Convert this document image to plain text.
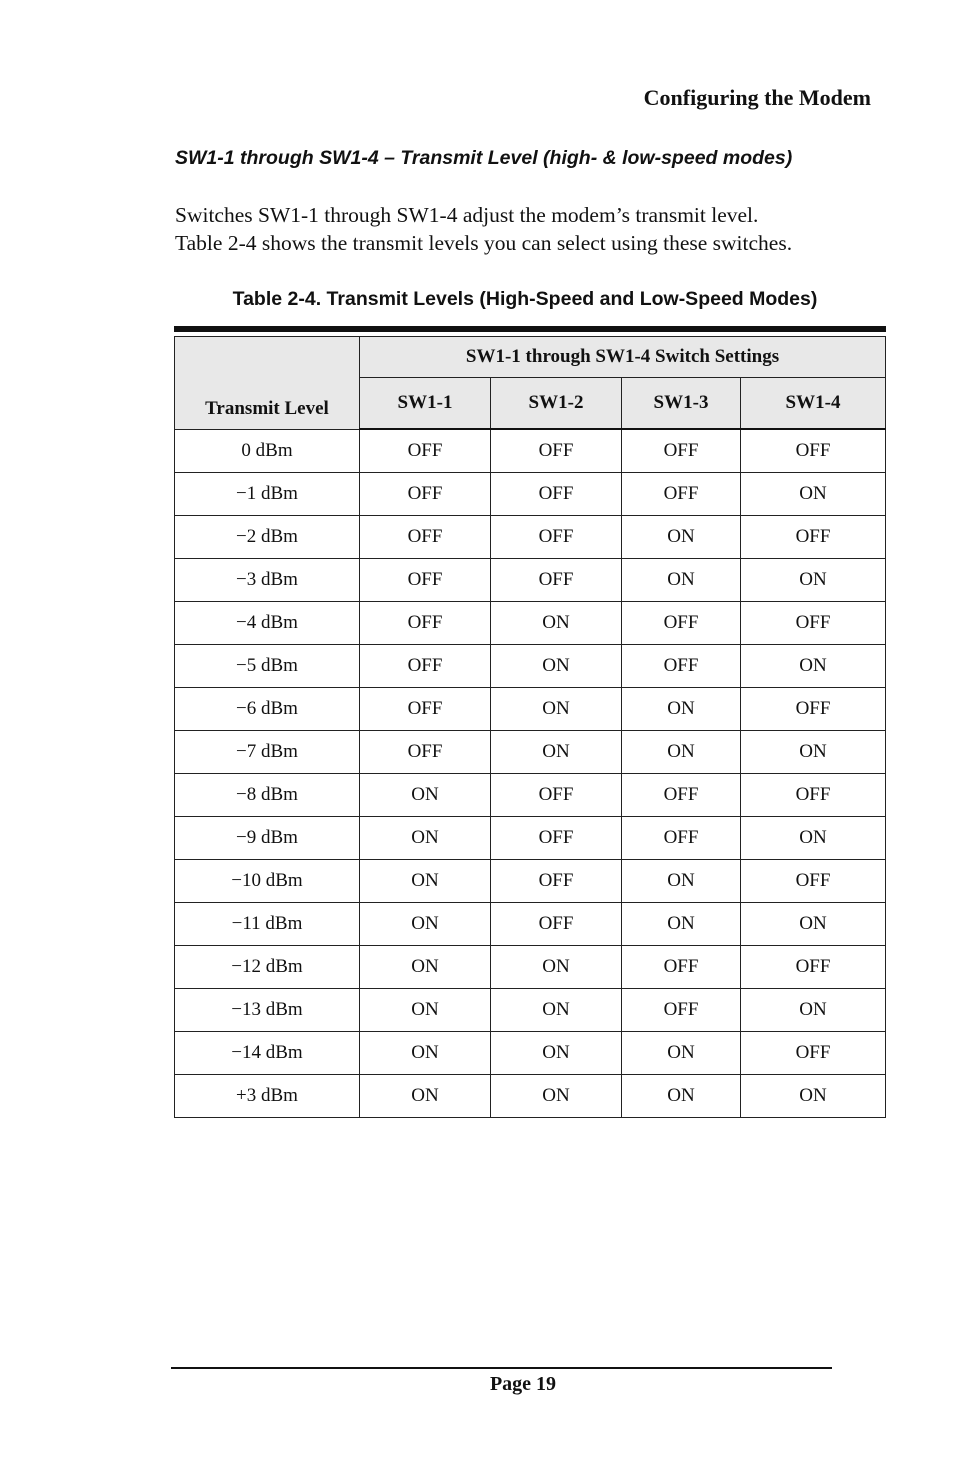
Configuring the Modem
SW1-1 through SW1-4 – Transmit Level (high- & low-speed modes)
Switches SW1-1 through SW1-4 adjust the modem’s transmit level.
Table 2-4 shows the transmit levels you can select using these switches.
Table 2-4. Transmit Levels (High-Speed and Low-Speed Modes)
Transmit Level	SW1-1 through SW1-4 Switch Settings			
	SW1-1	SW1-2	SW1-3	SW1-4
0 dBm	OFF	OFF	OFF	OFF
−1 dBm	OFF	OFF	OFF	ON
−2 dBm	OFF	OFF	ON	OFF
−3 dBm	OFF	OFF	ON	ON
−4 dBm	OFF	ON	OFF	OFF
−5 dBm	OFF	ON	OFF	ON
−6 dBm	OFF	ON	ON	OFF
−7 dBm	OFF	ON	ON	ON
−8 dBm	ON	OFF	OFF	OFF
−9 dBm	ON	OFF	OFF	ON
−10 dBm	ON	OFF	ON	OFF
−11 dBm	ON	OFF	ON	ON
−12 dBm	ON	ON	OFF	OFF
−13 dBm	ON	ON	OFF	ON
−14 dBm	ON	ON	ON	OFF
+3 dBm	ON	ON	ON	ON
Page 19
